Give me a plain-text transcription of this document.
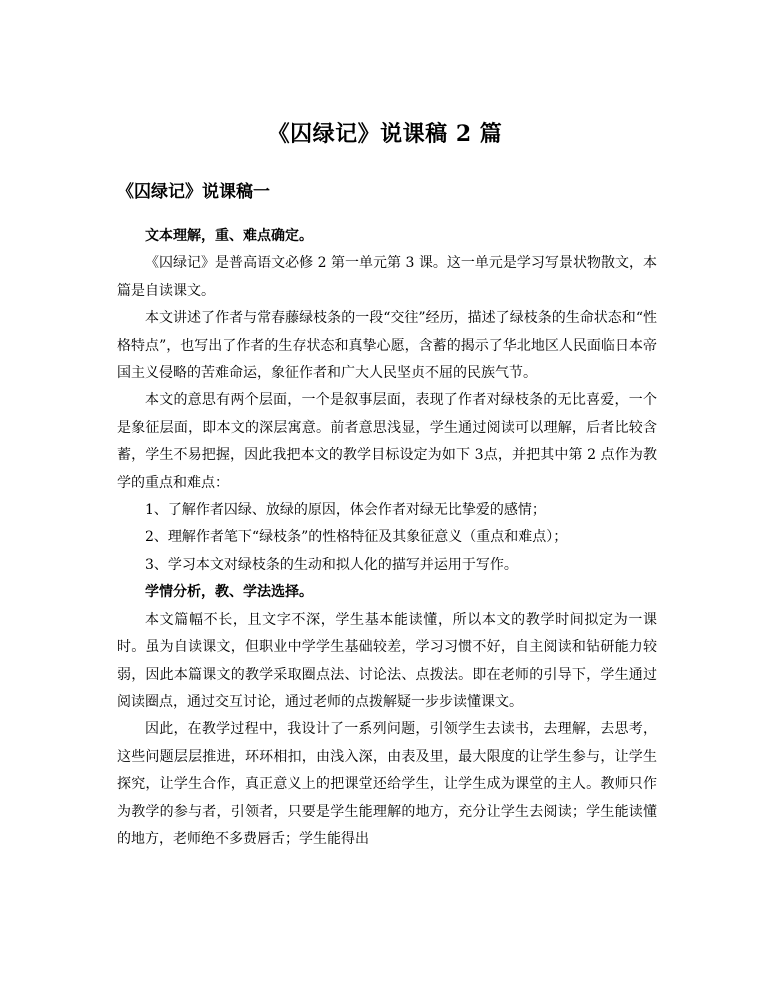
《囚绿记》说课稿 2 篇
《囚绿记》说课稿一

文本理解，重、难点确定。

《囚绿记》是普高语文必修 2 第一单元第 3 课。这一单元是学习写景状物散文，本篇是自读课文。

本文讲述了作者与常春藤绿枝条的一段“交往”经历，描述了绿枝条的生命状态和“性格特点”，也写出了作者的生存状态和真挚心愿，含蓄的揭示了华北地区人民面临日本帝国主义侵略的苦难命运，象征作者和广大人民坚贞不屈的民族气节。

本文的意思有两个层面，一个是叙事层面，表现了作者对绿枝条的无比喜爱，一个是象征层面，即本文的深层寓意。前者意思浅显，学生通过阅读可以理解，后者比较含蓄，学生不易把握，因此我把本文的教学目标设定为如下 3点，并把其中第 2 点作为教学的重点和难点：

1、了解作者囚绿、放绿的原因，体会作者对绿无比挚爱的感情；

2、理解作者笔下“绿枝条”的性格特征及其象征意义（重点和难点）；

3、学习本文对绿枝条的生动和拟人化的描写并运用于写作。

学情分析，教、学法选择。

本文篇幅不长，且文字不深，学生基本能读懂，所以本文的教学时间拟定为一课时。虽为自读课文，但职业中学学生基础较差，学习习惯不好，自主阅读和钻研能力较弱，因此本篇课文的教学采取圈点法、讨论法、点拨法。即在老师的引导下，学生通过阅读圈点，通过交互讨论，通过老师的点拨解疑一步步读懂课文。

因此，在教学过程中，我设计了一系列问题，引领学生去读书，去理解，去思考，这些问题层层推进，环环相扣，由浅入深，由表及里，最大限度的让学生参与，让学生探究，让学生合作，真正意义上的把课堂还给学生，让学生成为课堂的主人。教师只作为教学的参与者，引领者，只要是学生能理解的地方，充分让学生去阅读；学生能读懂的地方，老师绝不多费唇舌；学生能得出
